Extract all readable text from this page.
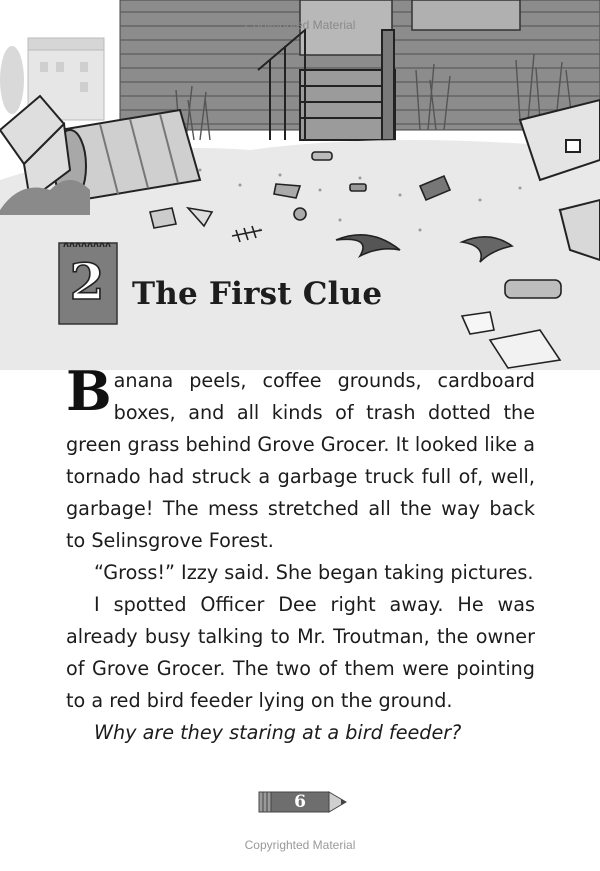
Copyrighted Material
2 The First Clue

Banana peels, coffee grounds, cardboard boxes, and all kinds of trash dotted the green grass behind Grove Grocer. It looked like a tornado had struck a garbage truck full of, well, garbage! The mess stretched all the way back to Selinsgrove Forest.

“Gross!” Izzy said. She began taking pictures.

I spotted Officer Dee right away. He was already busy talking to Mr. Troutman, the owner of Grove Grocer. The two of them were pointing to a red bird feeder lying on the ground.

Why are they staring at a bird feeder?

6
Copyrighted Material
